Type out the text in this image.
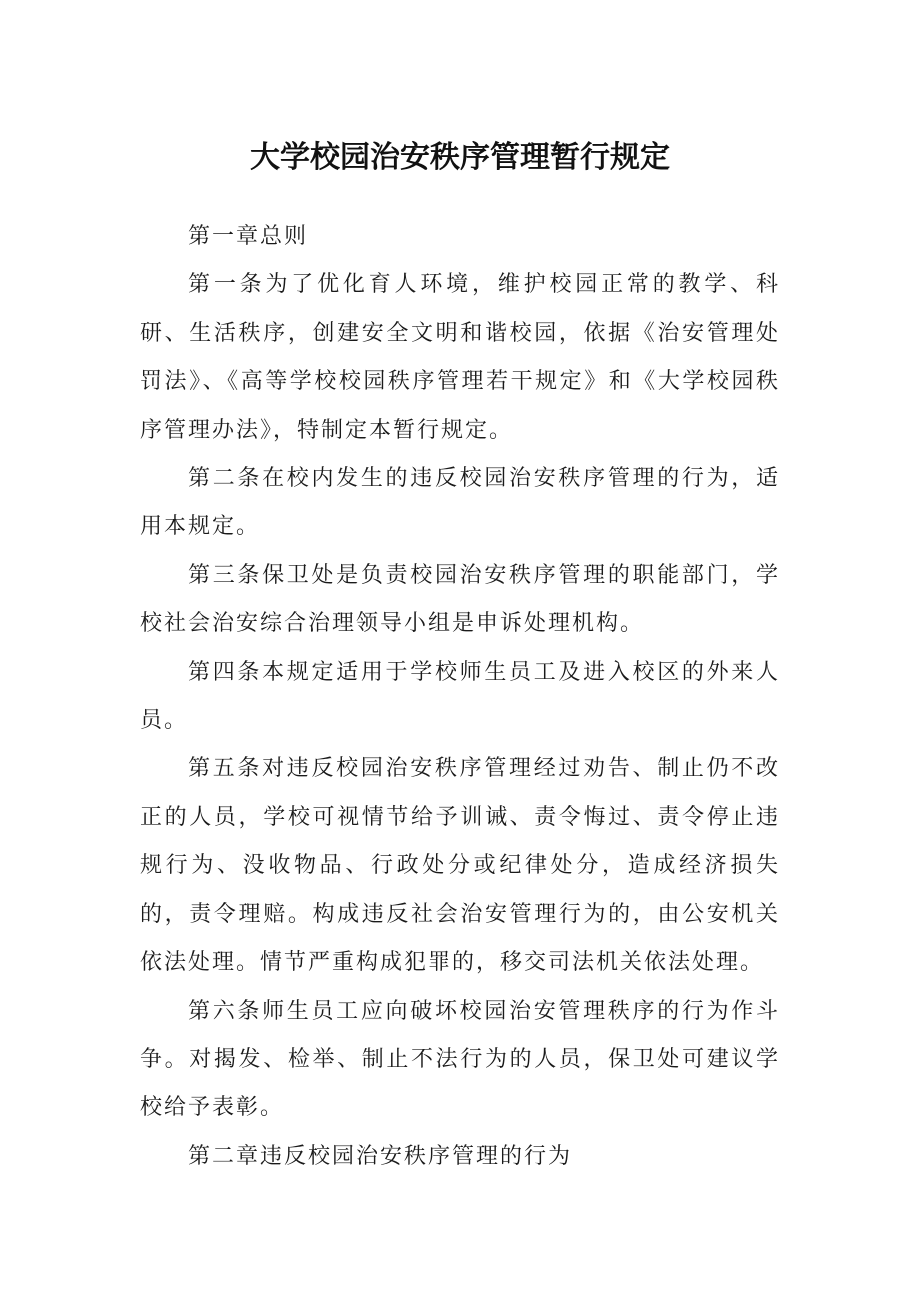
大学校园治安秩序管理暂行规定

第一章总则

第一条为了优化育人环境，维护校园正常的教学、科研、生活秩序，创建安全文明和谐校园，依据《治安管理处罚法》、《高等学校校园秩序管理若干规定》和《大学校园秩序管理办法》，特制定本暂行规定。

第二条在校内发生的违反校园治安秩序管理的行为，适用本规定。

第三条保卫处是负责校园治安秩序管理的职能部门，学校社会治安综合治理领导小组是申诉处理机构。

第四条本规定适用于学校师生员工及进入校区的外来人员。

第五条对违反校园治安秩序管理经过劝告、制止仍不改正的人员，学校可视情节给予训诫、责令悔过、责令停止违规行为、没收物品、行政处分或纪律处分，造成经济损失的，责令理赔。构成违反社会治安管理行为的，由公安机关依法处理。情节严重构成犯罪的，移交司法机关依法处理。

第六条师生员工应向破坏校园治安管理秩序的行为作斗争。对揭发、检举、制止不法行为的人员，保卫处可建议学校给予表彰。

第二章违反校园治安秩序管理的行为
